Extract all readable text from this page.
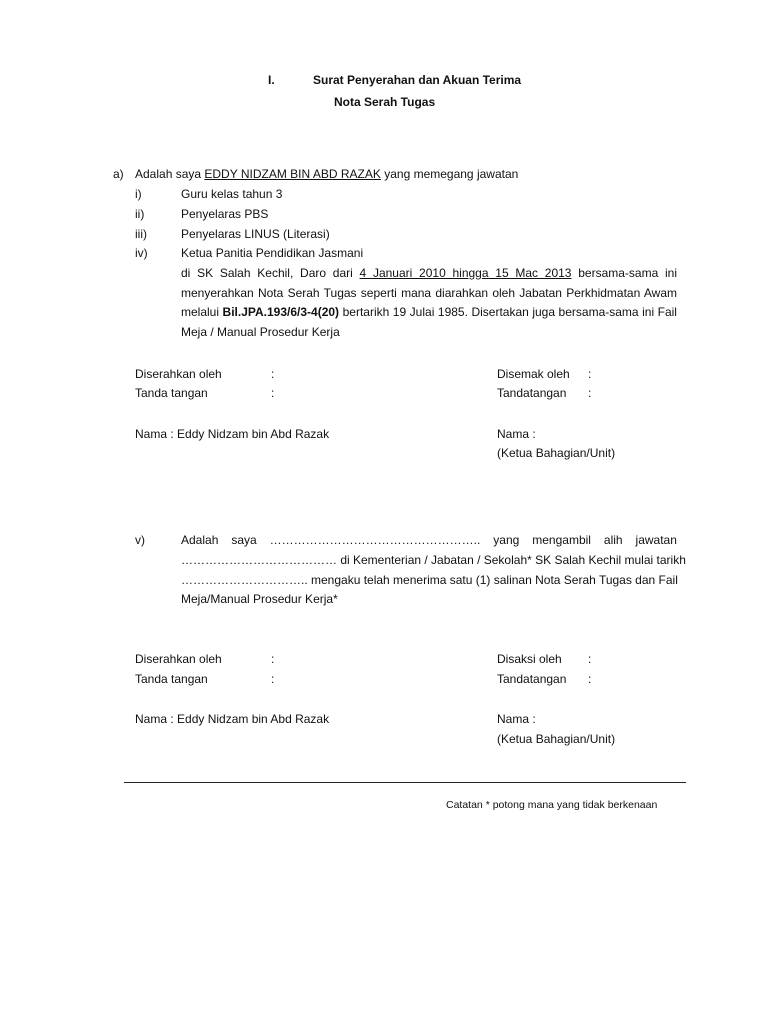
I.	Surat Penyerahan dan Akuan Terima
Nota Serah Tugas
a) Adalah saya EDDY NIDZAM BIN ABD RAZAK yang memegang jawatan
i)	Guru kelas tahun 3
ii)	Penyelaras PBS
iii)	Penyelaras LINUS (Literasi)
iv)	Ketua Panitia Pendidikan Jasmani
di SK Salah Kechil, Daro dari 4 Januari 2010 hingga 15 Mac 2013 bersama-sama ini menyerahkan Nota Serah Tugas seperti mana diarahkan oleh Jabatan Perkhidmatan Awam melalui Bil.JPA.193/6/3-4(20) bertarikh 19 Julai 1985. Disertakan juga bersama-sama ini Fail Meja / Manual Prosedur Kerja
Diserahkan oleh	:
Tanda tangan	:
Nama : Eddy Nidzam bin Abd Razak
Disemak oleh :
Tandatangan :
Nama :
(Ketua Bahagian/Unit)
v)	Adalah saya …………………………………………….. yang mengambil alih jawatan
………………………………… di Kementerian / Jabatan / Sekolah* SK Salah Kechil mulai tarikh
………………………….. mengaku telah menerima satu (1) salinan Nota Serah Tugas dan Fail
Meja/Manual Prosedur Kerja*
Diserahkan oleh	:
Tanda tangan	:
Nama : Eddy Nidzam bin Abd Razak
Disaksi oleh :
Tandatangan :
Nama :
(Ketua Bahagian/Unit)
Catatan * potong mana yang tidak berkenaan
